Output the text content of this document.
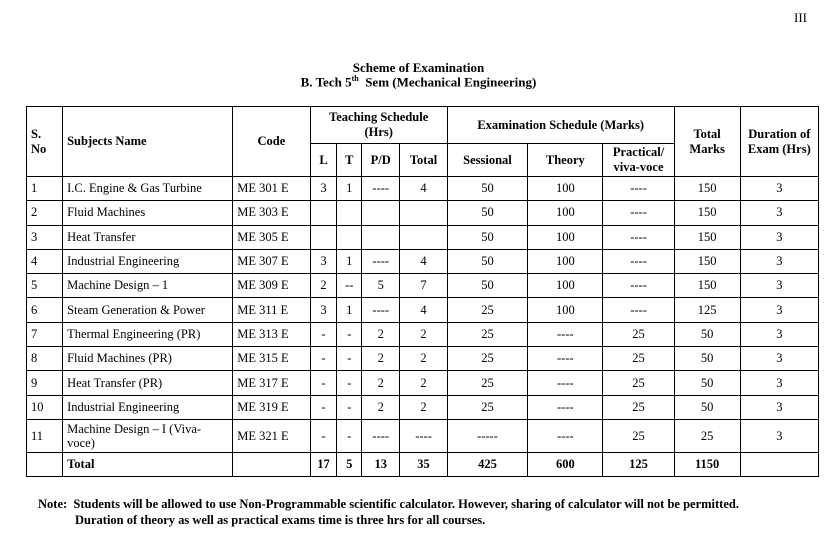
III
Scheme of Examination
B. Tech 5th  Sem (Mechanical Engineering)
S. No	Subjects Name	Code	Teaching Schedule (Hrs)				Examination Schedule (Marks)			Total Marks	Duration of Exam (Hrs)
			L	T	P/D	Total	Sessional	Theory	Practical/ viva-voce		
1	I.C. Engine & Gas Turbine	ME 301 E	3	1	----	4	50	100	----	150	3
2	Fluid Machines	ME 303 E					50	100	----	150	3
3	Heat Transfer	ME 305 E					50	100	----	150	3
4	Industrial Engineering	ME 307 E	3	1	----	4	50	100	----	150	3
5	Machine Design – 1	ME 309 E	2	--	5	7	50	100	----	150	3
6	Steam Generation & Power	ME 311 E	3	1	----	4	25	100	----	125	3
7	Thermal Engineering (PR)	ME 313 E	-	-	2	2	25	----	25	50	3
8	Fluid Machines (PR)	ME 315 E	-	-	2	2	25	----	25	50	3
9	Heat Transfer (PR)	ME 317 E	-	-	2	2	25	----	25	50	3
10	Industrial Engineering	ME 319 E	-	-	2	2	25	----	25	50	3
11	Machine Design – I (Viva-voce)	ME 321 E	-	-	----	----	-----	----	25	25	3
	Total		17	5	13	35	425	600	125	1150	
Note:  Students will be allowed to use Non-Programmable scientific calculator. However, sharing of calculator will not be permitted.
Duration of theory as well as practical exams time is three hrs for all courses.
